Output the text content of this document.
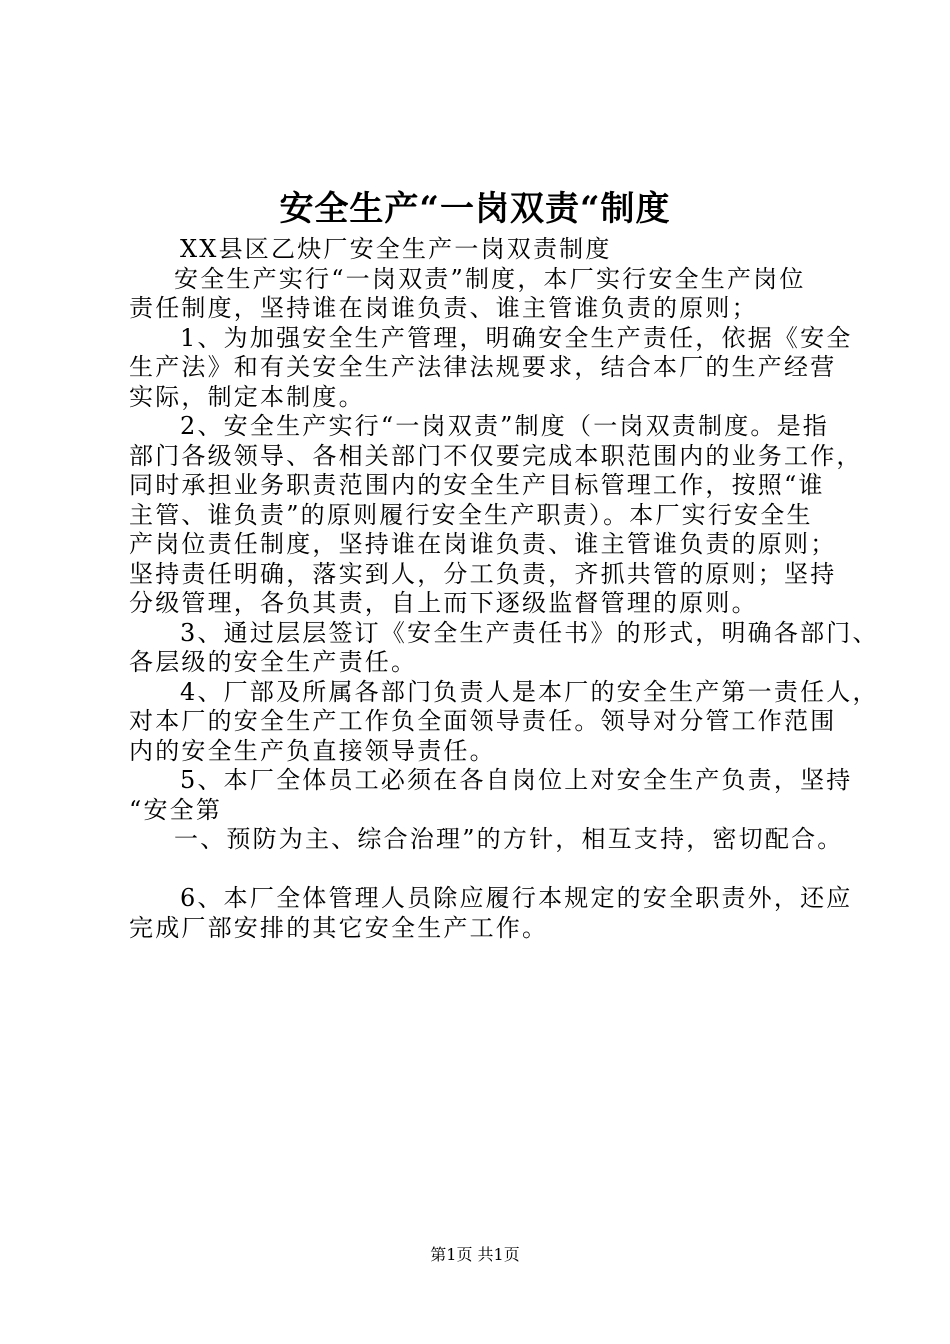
安全生产“一岗双责“制度
XX县区乙炔厂安全生产一岗双责制度
安全生产实行“一岗双责”制度，本厂实行安全生产岗位
责任制度，坚持谁在岗谁负责、谁主管谁负责的原则；
1、为加强安全生产管理，明确安全生产责任，依据《安全
生产法》和有关安全生产法律法规要求，结合本厂的生产经营
实际，制定本制度。
2、安全生产实行“一岗双责”制度（一岗双责制度。是指
部门各级领导、各相关部门不仅要完成本职范围内的业务工作，
同时承担业务职责范围内的安全生产目标管理工作，按照“谁
主管、谁负责”的原则履行安全生产职责）。本厂实行安全生
产岗位责任制度，坚持谁在岗谁负责、谁主管谁负责的原则；
坚持责任明确，落实到人，分工负责，齐抓共管的原则；坚持
分级管理，各负其责，自上而下逐级监督管理的原则。
3、通过层层签订《安全生产责任书》的形式，明确各部门、
各层级的安全生产责任。
4、厂部及所属各部门负责人是本厂的安全生产第一责任人，
对本厂的安全生产工作负全面领导责任。领导对分管工作范围
内的安全生产负直接领导责任。
5、本厂全体员工必须在各自岗位上对安全生产负责，坚持
“安全第
一、预防为主、综合治理”的方针，相互支持，密切配合。
6、本厂全体管理人员除应履行本规定的安全职责外，还应
完成厂部安排的其它安全生产工作。
第1页 共1页
